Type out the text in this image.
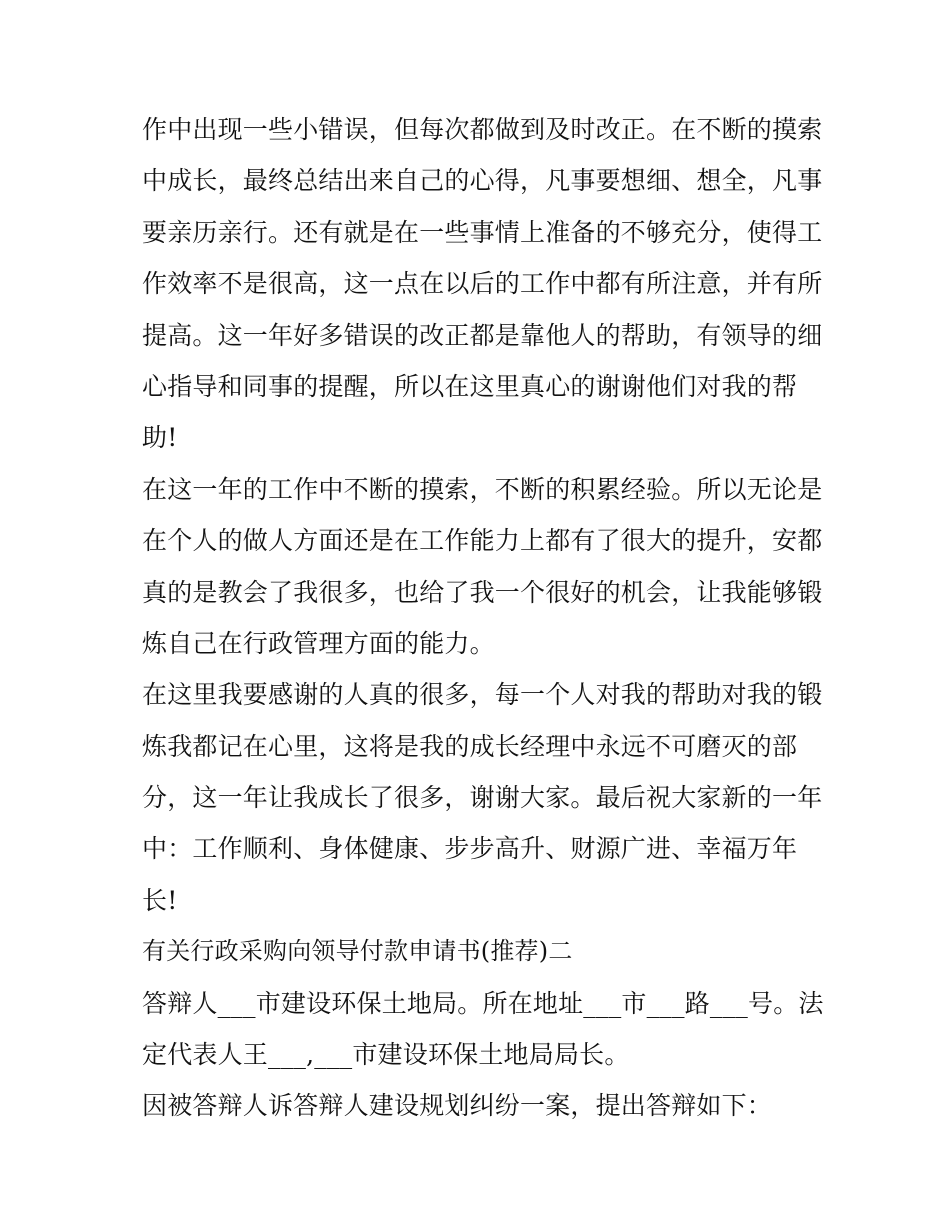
作中出现一些小错误，但每次都做到及时改正。在不断的摸索
中成长，最终总结出来自己的心得，凡事要想细、想全，凡事
要亲历亲行。还有就是在一些事情上准备的不够充分，使得工
作效率不是很高，这一点在以后的工作中都有所注意，并有所
提高。这一年好多错误的改正都是靠他人的帮助，有领导的细
心指导和同事的提醒，所以在这里真心的谢谢他们对我的帮
助!
在这一年的工作中不断的摸索，不断的积累经验。所以无论是
在个人的做人方面还是在工作能力上都有了很大的提升，安都
真的是教会了我很多，也给了我一个很好的机会，让我能够锻
炼自己在行政管理方面的能力。
在这里我要感谢的人真的很多，每一个人对我的帮助对我的锻
炼我都记在心里，这将是我的成长经理中永远不可磨灭的部
分，这一年让我成长了很多，谢谢大家。最后祝大家新的一年
中：工作顺利、身体健康、步步高升、财源广进、幸福万年
长!
有关行政采购向领导付款申请书(推荐)二
答辩人___市建设环保土地局。所在地址___市___路___号。法
定代表人王___,___市建设环保土地局局长。
因被答辩人诉答辩人建设规划纠纷一案，提出答辩如下：
